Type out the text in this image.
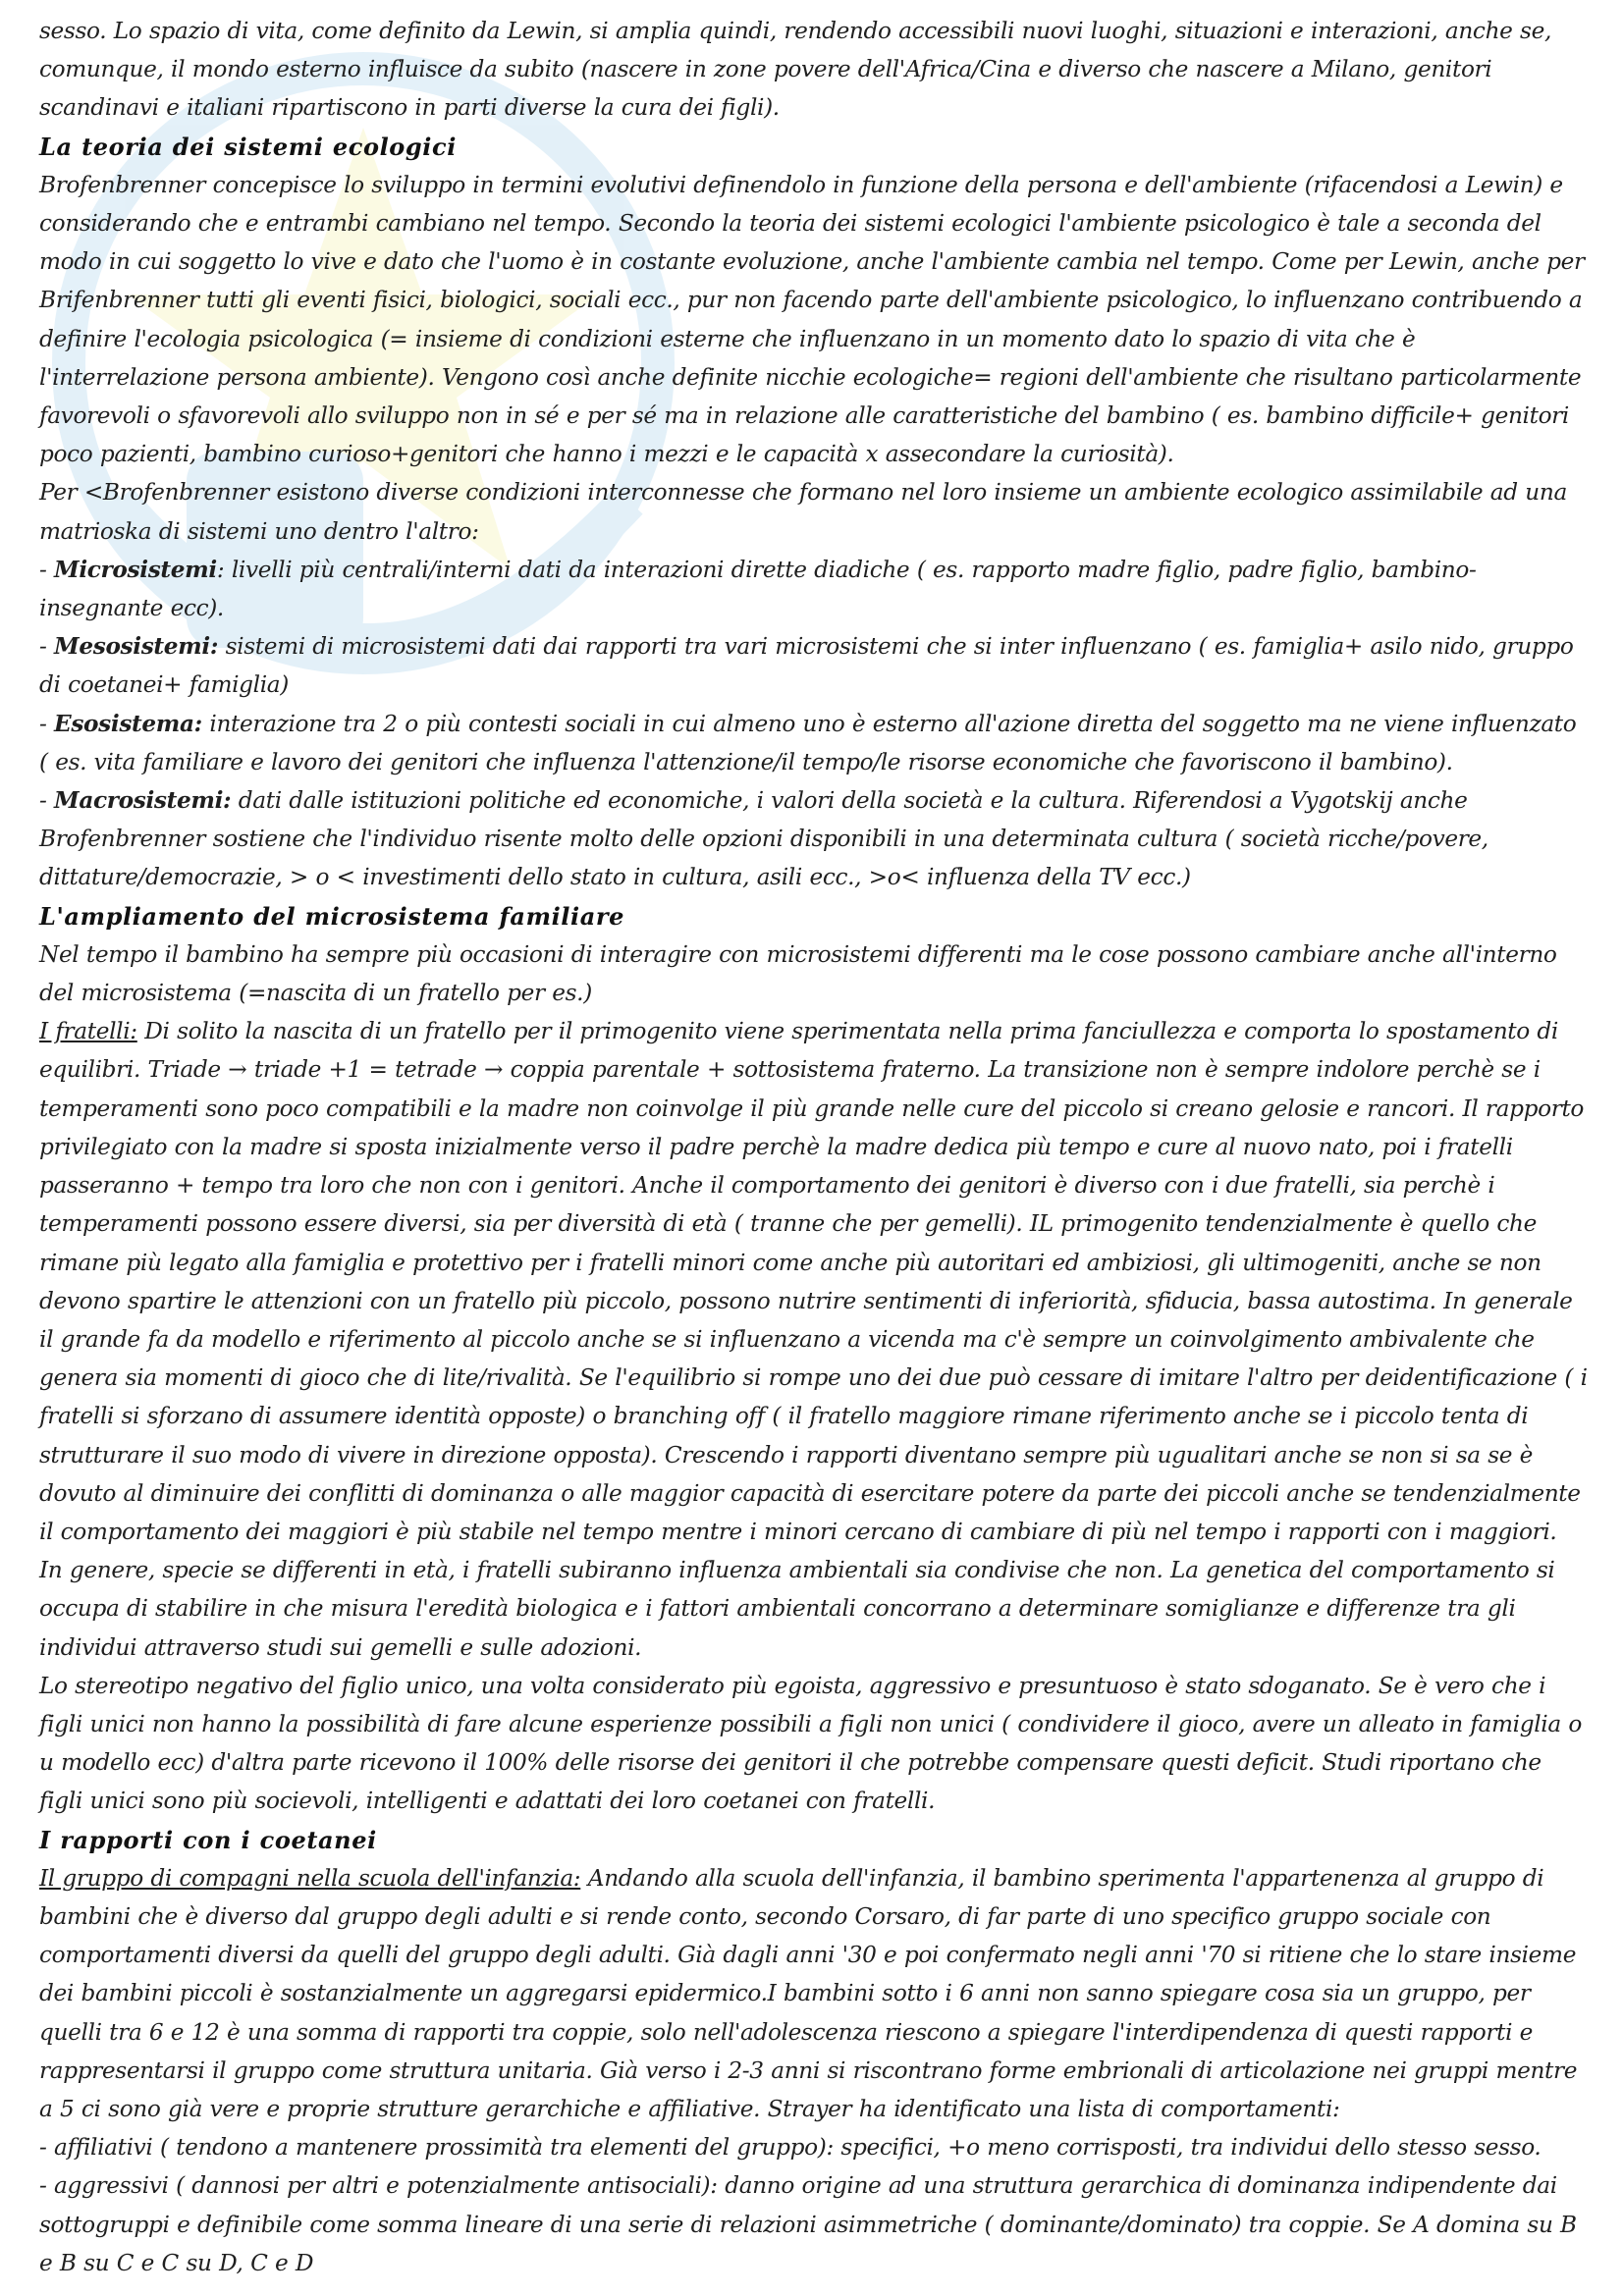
sesso. Lo spazio di vita, come definito da Lewin, si amplia quindi, rendendo accessibili nuovi luoghi, situazioni e interazioni, anche se, comunque, il mondo esterno influisce da subito (nascere in zone povere dell'Africa/Cina e diverso che nascere a Milano, genitori scandinavi e italiani ripartiscono in parti diverse la cura dei figli).

La teoria dei sistemi ecologici

Brofenbrenner concepisce lo sviluppo in termini evolutivi definendolo in funzione della persona e dell'ambiente (rifacendosi a Lewin) e considerando che e entrambi cambiano nel tempo. Secondo la teoria dei sistemi ecologici l'ambiente psicologico è tale a seconda del modo in cui soggetto lo vive e dato che l'uomo è in costante evoluzione, anche l'ambiente cambia nel tempo. Come per Lewin, anche per Brifenbrenner tutti gli eventi fisici, biologici, sociali ecc., pur non facendo parte dell'ambiente psicologico, lo influenzano contribuendo a definire l'ecologia psicologica (= insieme di condizioni esterne che influenzano in un momento dato lo spazio di vita che è l'interrelazione persona ambiente). Vengono così anche definite nicchie ecologiche= regioni dell'ambiente che risultano particolarmente favorevoli o sfavorevoli allo sviluppo non in sé e per sé ma in relazione alle caratteristiche del bambino ( es. bambino difficile+ genitori poco pazienti, bambino curioso+genitori che hanno i mezzi e le capacità x assecondare la curiosità).

Per <Brofenbrenner esistono diverse condizioni interconnesse che formano nel loro insieme un ambiente ecologico assimilabile ad una matrioska di sistemi uno dentro l'altro:

- Microsistemi: livelli più centrali/interni dati da interazioni dirette diadiche ( es. rapporto madre figlio, padre figlio, bambino-insegnante ecc).

- Mesosistemi: sistemi di microsistemi dati dai rapporti tra vari microsistemi che si inter influenzano ( es. famiglia+ asilo nido, gruppo di coetanei+ famiglia)

- Esosistema: interazione tra 2 o più contesti sociali in cui almeno uno è esterno all'azione diretta del soggetto ma ne viene influenzato ( es. vita familiare e lavoro dei genitori che influenza l'attenzione/il tempo/le risorse economiche che favoriscono il bambino).

- Macrosistemi: dati dalle istituzioni politiche ed economiche, i valori della società e la cultura. Riferendosi a Vygotskij anche Brofenbrenner sostiene che l'individuo risente molto delle opzioni disponibili in una determinata cultura ( società ricche/povere, dittature/democrazie, > o < investimenti dello stato in cultura, asili ecc., >o< influenza della TV ecc.)

L'ampliamento del microsistema familiare

Nel tempo il bambino ha sempre più occasioni di interagire con microsistemi differenti ma le cose possono cambiare anche all'interno del microsistema (=nascita di un fratello per es.)

I fratelli: Di solito la nascita di un fratello per il primogenito viene sperimentata nella prima fanciullezza e comporta lo spostamento di equilibri. Triade → triade +1 = tetrade → coppia parentale + sottosistema fraterno. La transizione non è sempre indolore perchè se i temperamenti sono poco compatibili e la madre non coinvolge il più grande nelle cure del piccolo si creano gelosie e rancori. Il rapporto privilegiato con la madre si sposta inizialmente verso il padre perchè la madre dedica più tempo e cure al nuovo nato, poi i fratelli passeranno + tempo tra loro che non con i genitori. Anche il comportamento dei genitori è diverso con i due fratelli, sia perchè i temperamenti possono essere diversi, sia per diversità di età ( tranne che per gemelli). IL primogenito tendenzialmente è quello che rimane più legato alla famiglia e protettivo per i fratelli minori come anche più autoritari ed ambiziosi, gli ultimogeniti, anche se non devono spartire le attenzioni con un fratello più piccolo, possono nutrire sentimenti di inferiorità, sfiducia, bassa autostima. In generale il grande fa da modello e riferimento al piccolo anche se si influenzano a vicenda ma c'è sempre un coinvolgimento ambivalente che genera sia momenti di gioco che di lite/rivalità. Se l'equilibrio si rompe uno dei due può cessare di imitare l'altro per deidentificazione ( i fratelli si sforzano di assumere identità opposte) o branching off ( il fratello maggiore rimane riferimento anche se i piccolo tenta di strutturare il suo modo di vivere in direzione opposta). Crescendo i rapporti diventano sempre più ugualitari anche se non si sa se è dovuto al diminuire dei conflitti di dominanza o alle maggior capacità di esercitare potere da parte dei piccoli anche se tendenzialmente il comportamento dei maggiori è più stabile nel tempo mentre i minori cercano di cambiare di più nel tempo i rapporti con i maggiori.

In genere, specie se differenti in età, i fratelli subiranno influenza ambientali sia condivise che non. La genetica del comportamento si occupa di stabilire in che misura l'eredità biologica e i fattori ambientali concorrano a determinare somiglianze e differenze tra gli individui attraverso studi sui gemelli e sulle adozioni.

Lo stereotipo negativo del figlio unico, una volta considerato più egoista, aggressivo e presuntuoso è stato sdoganato. Se è vero che i figli unici non hanno la possibilità di fare alcune esperienze possibili a figli non unici ( condividere il gioco, avere un alleato in famiglia o u modello ecc) d'altra parte ricevono il 100% delle risorse dei genitori il che potrebbe compensare questi deficit. Studi riportano che figli unici sono più socievoli, intelligenti e adattati dei loro coetanei con fratelli.

I rapporti con i coetanei

Il gruppo di compagni nella scuola dell'infanzia: Andando alla scuola dell'infanzia, il bambino sperimenta l'appartenenza al gruppo di bambini che è diverso dal gruppo degli adulti e si rende conto, secondo Corsaro, di far parte di uno specifico gruppo sociale con comportamenti diversi da quelli del gruppo degli adulti. Già dagli anni '30 e poi confermato negli anni '70 si ritiene che lo stare insieme dei bambini piccoli è sostanzialmente un aggregarsi epidermico.I bambini sotto i 6 anni non sanno spiegare cosa sia un gruppo, per quelli tra 6 e 12 è una somma di rapporti tra coppie, solo nell'adolescenza riescono a spiegare l'interdipendenza di questi rapporti e rappresentarsi il gruppo come struttura unitaria. Già verso i 2-3 anni si riscontrano forme embrionali di articolazione nei gruppi mentre a 5 ci sono già vere e proprie strutture gerarchiche e affiliative. Strayer ha identificato una lista di comportamenti:

- affiliativi ( tendono a mantenere prossimità tra elementi del gruppo): specifici, +o meno corrisposti, tra individui dello stesso sesso.

- aggressivi ( dannosi per altri e potenzialmente antisociali): danno origine ad una struttura gerarchica di dominanza indipendente dai sottogruppi e definibile come somma lineare di una serie di relazioni asimmetriche ( dominante/dominato) tra coppie. Se A domina su B e B su C e C su D, C e D
